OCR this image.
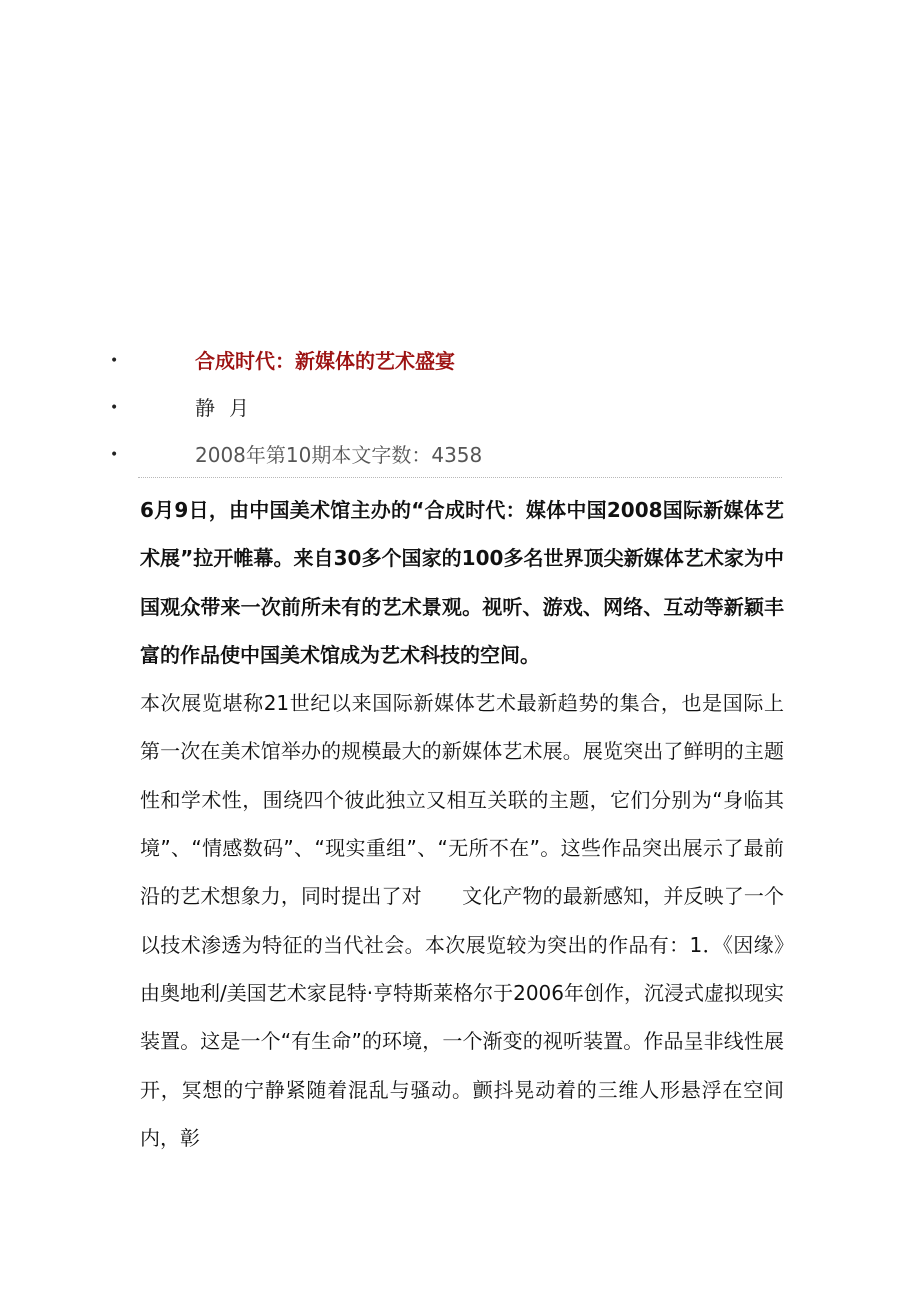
•	合成时代：新媒体的艺术盛宴
•	静月
•	2008年第10期本文字数：4358

6月9日，由中国美术馆主办的“合成时代：媒体中国2008国际新媒体艺术展”拉开帷幕。来自30多个国家的100多名世界顶尖新媒体艺术家为中国观众带来一次前所未有的艺术景观。视听、游戏、网络、互动等新颖丰富的作品使中国美术馆成为艺术科技的空间。

本次展览堪称21世纪以来国际新媒体艺术最新趋势的集合，也是国际上第一次在美术馆举办的规模最大的新媒体艺术展。展览突出了鲜明的主题性和学术性，围绕四个彼此独立又相互关联的主题，它们分别为“身临其境”、“情感数码”、“现实重组”、“无所不在”。这些作品突出展示了最前沿的艺术想象力，同时提出了对　　文化产物的最新感知，并反映了一个以技术渗透为特征的当代社会。本次展览较为突出的作品有：1．《因缘》　　由奥地利/美国艺术家昆特·亨特斯莱格尔于2006年创作，沉浸式虚拟现实装置。这是一个“有生命”的环境，一个渐变的视听装置。作品呈非线性展开，冥想的宁静紧随着混乱与骚动。颤抖晃动着的三维人形悬浮在空间内，彰
